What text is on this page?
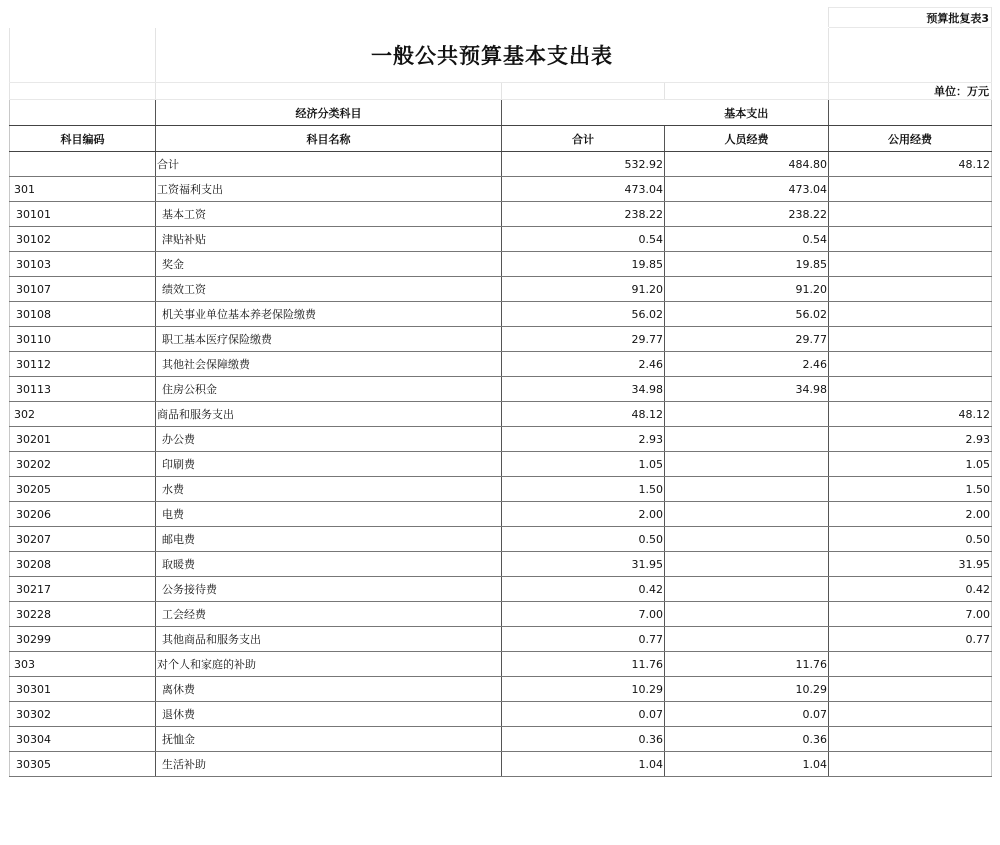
				预算批复表3
	一般公共预算基本支出表			
				单位：万元
	经济分类科目		基本支出	
科目编码	科目名称	合计	人员经费	公用经费
	合计	532.92	484.80	48.12
301	工资福利支出	473.04	473.04	
30101	基本工资	238.22	238.22	
30102	津贴补贴	0.54	0.54	
30103	奖金	19.85	19.85	
30107	绩效工资	91.20	91.20	
30108	机关事业单位基本养老保险缴费	56.02	56.02	
30110	职工基本医疗保险缴费	29.77	29.77	
30112	其他社会保障缴费	2.46	2.46	
30113	住房公积金	34.98	34.98	
302	商品和服务支出	48.12		48.12
30201	办公费	2.93		2.93
30202	印刷费	1.05		1.05
30205	水费	1.50		1.50
30206	电费	2.00		2.00
30207	邮电费	0.50		0.50
30208	取暖费	31.95		31.95
30217	公务接待费	0.42		0.42
30228	工会经费	7.00		7.00
30299	其他商品和服务支出	0.77		0.77
303	对个人和家庭的补助	11.76	11.76	
30301	离休费	10.29	10.29	
30302	退休费	0.07	0.07	
30304	抚恤金	0.36	0.36	
30305	生活补助	1.04	1.04	
